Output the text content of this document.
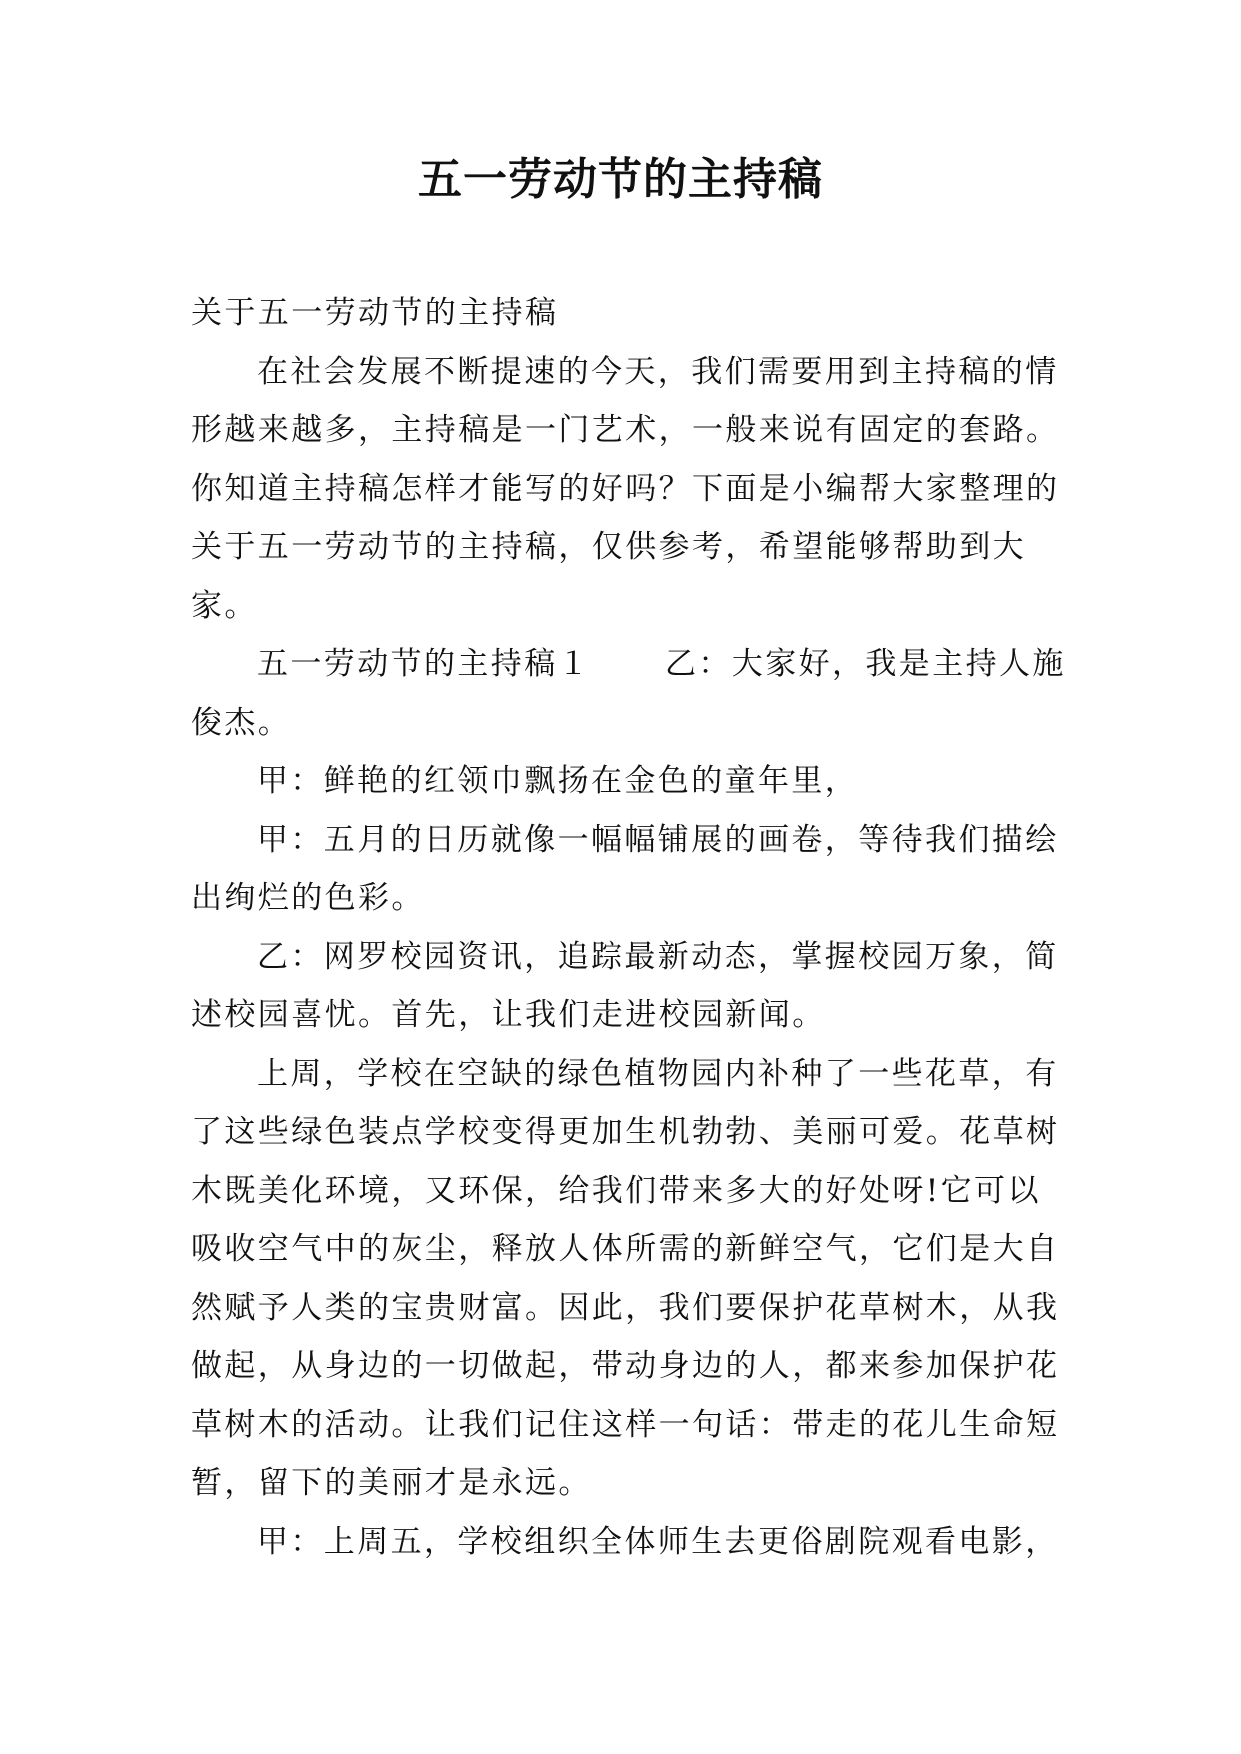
五一劳动节的主持稿

关于五一劳动节的主持稿

在社会发展不断提速的今天，我们需要用到主持稿的情形越来越多，主持稿是一门艺术，一般来说有固定的套路。你知道主持稿怎样才能写的好吗？下面是小编帮大家整理的关于五一劳动节的主持稿，仅供参考，希望能够帮助到大家。

五一劳动节的主持稿１ 乙：大家好，我是主持人施俊杰。

甲：鲜艳的红领巾飘扬在金色的童年里，

甲：五月的日历就像一幅幅铺展的画卷，等待我们描绘出绚烂的色彩。

乙：网罗校园资讯，追踪最新动态，掌握校园万象，简述校园喜忧。首先，让我们走进校园新闻。

上周，学校在空缺的绿色植物园内补种了一些花草，有了这些绿色装点学校变得更加生机勃勃、美丽可爱。花草树木既美化环境，又环保，给我们带来多大的好处呀!它可以吸收空气中的灰尘，释放人体所需的新鲜空气，它们是大自然赋予人类的宝贵财富。因此，我们要保护花草树木，从我做起，从身边的一切做起，带动身边的人，都来参加保护花草树木的活动。让我们记住这样一句话：带走的花儿生命短暂，留下的美丽才是永远。

甲：上周五，学校组织全体师生去更俗剧院观看电影，
